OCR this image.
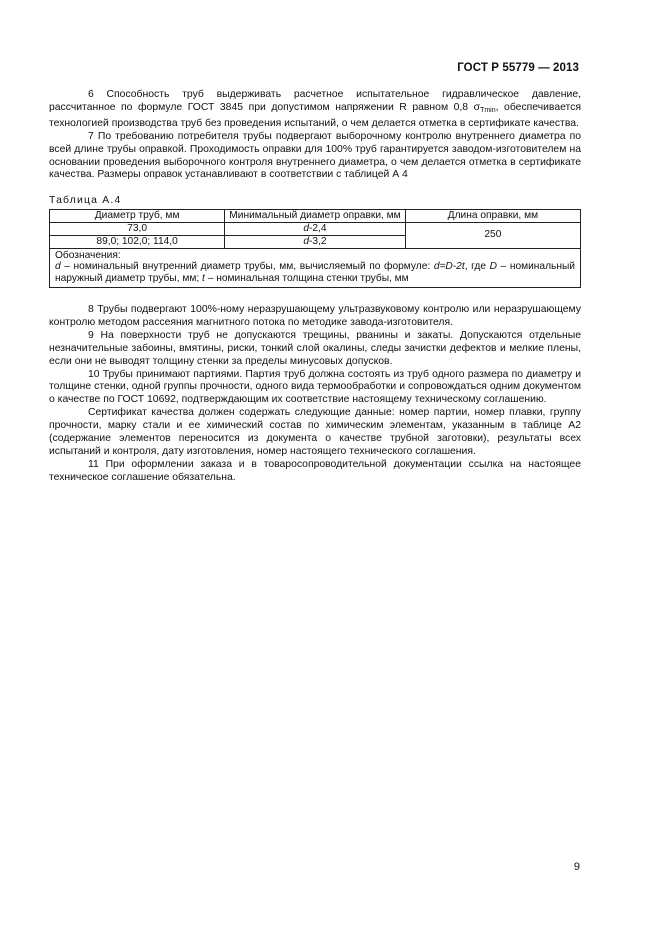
ГОСТ Р 55779 — 2013

6 Способность труб выдерживать расчетное испытательное гидравлическое давление, рассчитанное по формуле ГОСТ 3845 при допустимом напряжении R равном 0,8 $\sigma_{Tmin}$, обеспечивается технологией производства труб без проведения испытаний, о чем делается отметка в сертификате качества.

7 По требованию потребителя трубы подвергают выборочному контролю внутреннего диаметра по всей длине трубы оправкой. Проходимость оправки для 100% труб гарантируется заводом-изготовителем на основании проведения выборочного контроля внутреннего диаметра, о чем делается отметка в сертификате качества. Размеры оправок устанавливают в соответствии с таблицей А 4

Таблица А.4
Диаметр труб, мм	Минимальный диаметр оправки, мм	Длина оправки, мм
73,0	d-2,4	250
89,0; 102,0; 114,0	d-3,2	

Обозначения:
d – номинальный внутренний диаметр трубы, мм, вычисляемый по формуле: d=D-2t, где D – номинальный наружный диаметр трубы, мм; t – номинальная толщина стенки трубы, мм		

8 Трубы подвергают 100%-ному неразрушающему ультразвуковому контролю или неразрушающему контролю методом рассеяния магнитного потока по методике завода-изготовителя.

9 На поверхности труб не допускаются трещины, рванины и закаты. Допускаются отдельные незначительные забоины, вмятины, риски, тонкий слой окалины, следы зачистки дефектов и мелкие плены, если они не выводят толщину стенки за пределы минусовых допусков.

10 Трубы принимают партиями. Партия труб должна состоять из труб одного размера по диаметру и толщине стенки, одной группы прочности, одного вида термообработки и сопровождаться одним документом о качестве по ГОСТ 10692, подтверждающим их соответствие настоящему техническому соглашению.

Сертификат качества должен содержать следующие данные: номер партии, номер плавки, группу прочности, марку стали и ее химический состав по химическим элементам, указанным в таблице А2 (содержание элементов переносится из документа о качестве трубной заготовки), результаты всех испытаний и контроля, дату изготовления, номер настоящего технического соглашения.

11 При оформлении заказа и в товаросопроводительной документации ссылка на настоящее техническое соглашение обязательна.

9
